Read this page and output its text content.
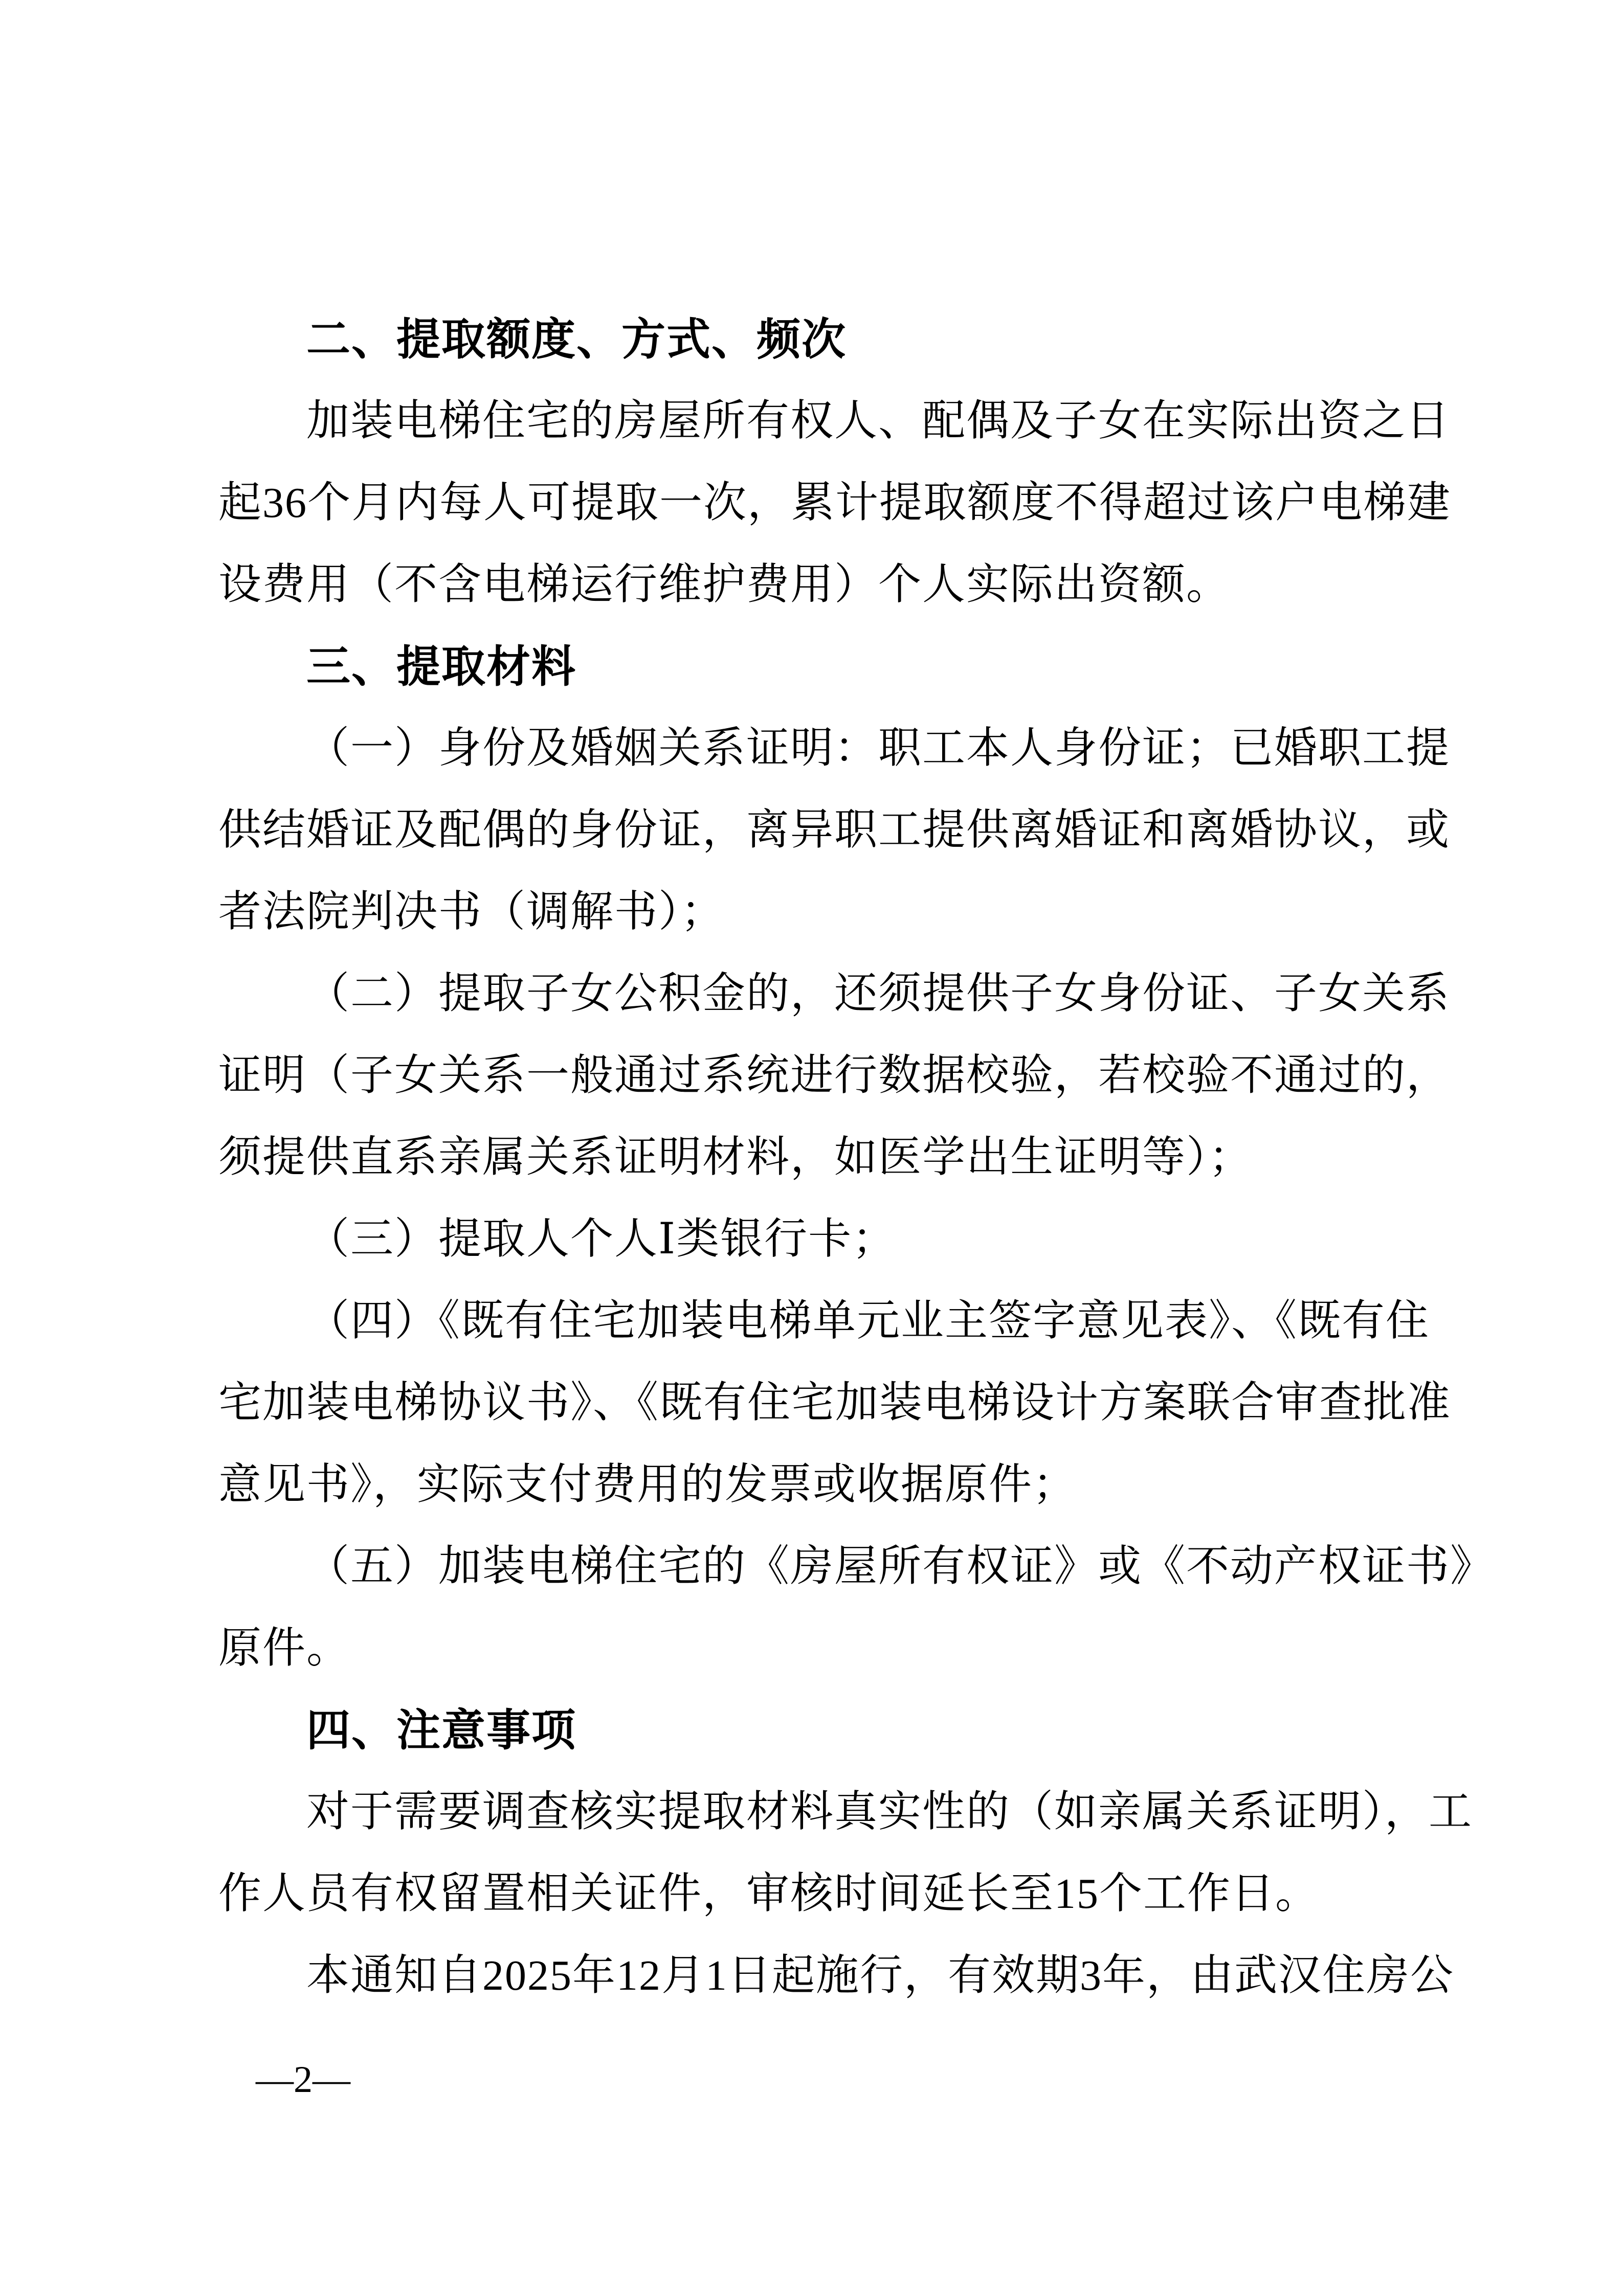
二、提取额度、方式、频次
加装电梯住宅的房屋所有权人、配偶及子女在实际出资之日
起36个月内每人可提取一次，累计提取额度不得超过该户电梯建
设费用（不含电梯运行维护费用）个人实际出资额。
三、提取材料
（一）身份及婚姻关系证明：职工本人身份证；已婚职工提
供结婚证及配偶的身份证，离异职工提供离婚证和离婚协议，或
者法院判决书（调解书）；
（二）提取子女公积金的，还须提供子女身份证、子女关系
证明（子女关系一般通过系统进行数据校验，若校验不通过的，
须提供直系亲属关系证明材料，如医学出生证明等）；
（三）提取人个人Ⅰ类银行卡；
（四）《既有住宅加装电梯单元业主签字意见表》、《既有住
宅加装电梯协议书》、《既有住宅加装电梯设计方案联合审查批准
意见书》，实际支付费用的发票或收据原件；
（五）加装电梯住宅的《房屋所有权证》或《不动产权证书》
原件。
四、注意事项
对于需要调查核实提取材料真实性的（如亲属关系证明），工
作人员有权留置相关证件，审核时间延长至15个工作日。
本通知自2025年12月1日起施行，有效期3年，由武汉住房公
—2—
